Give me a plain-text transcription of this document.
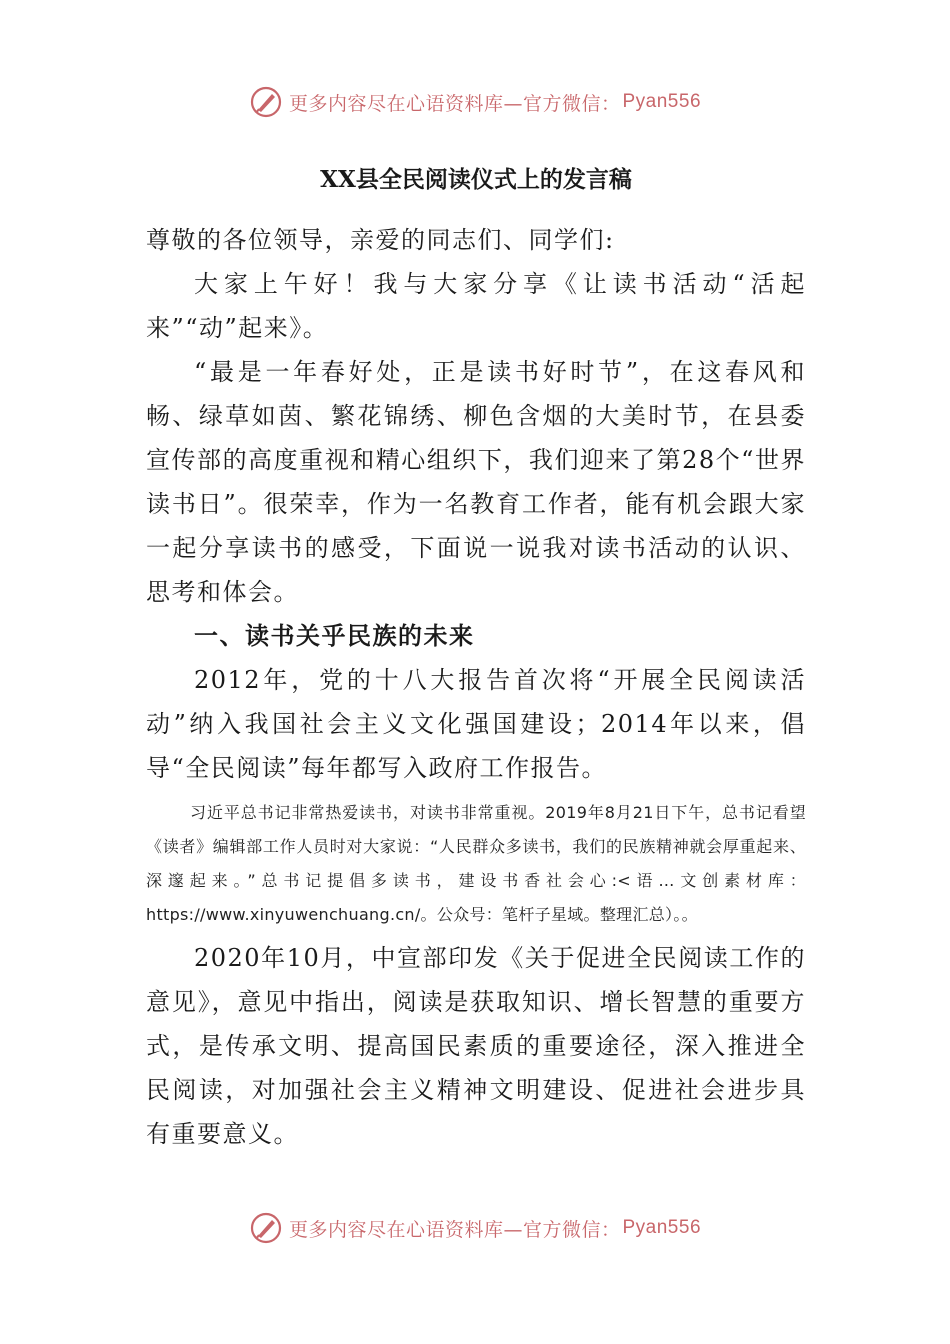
更多内容尽在心语资料库—官方微信： Pyan556
XX县全民阅读仪式上的发言稿

尊敬的各位领导，亲爱的同志们、同学们:

大家上午好！我与大家分享《让读书活动“活起来”“动”起来》。

“最是一年春好处，正是读书好时节”，在这春风和畅、绿草如茵、繁花锦绣、柳色含烟的大美时节，在县委宣传部的高度重视和精心组织下，我们迎来了第28个“世界读书日”。很荣幸，作为一名教育工作者，能有机会跟大家一起分享读书的感受，下面说一说我对读书活动的认识、思考和体会。

一、读书关乎民族的未来

2012年，党的十八大报告首次将“开展全民阅读活动”纳入我国社会主义文化强国建设；2014年以来，倡导“全民阅读”每年都写入政府工作报告。

习近平总书记非常热爱读书，对读书非常重视。2019年8月21日下午，总书记看望《读者》编辑部工作人员时对大家说：“人民群众多读书，我们的民族精神就会厚重起来、深邃起来。”总书记提倡多读书，建设书香社会心:<语…文创素材库：https://www.xinyuwenchuang.cn/。公众号：笔杆子星域。整理汇总）。。

2020年10月，中宣部印发《关于促进全民阅读工作的意见》，意见中指出，阅读是获取知识、增长智慧的重要方式，是传承文明、提高国民素质的重要途径，深入推进全民阅读，对加强社会主义精神文明建设、促进社会进步具有重要意义。

更多内容尽在心语资料库—官方微信： Pyan556
